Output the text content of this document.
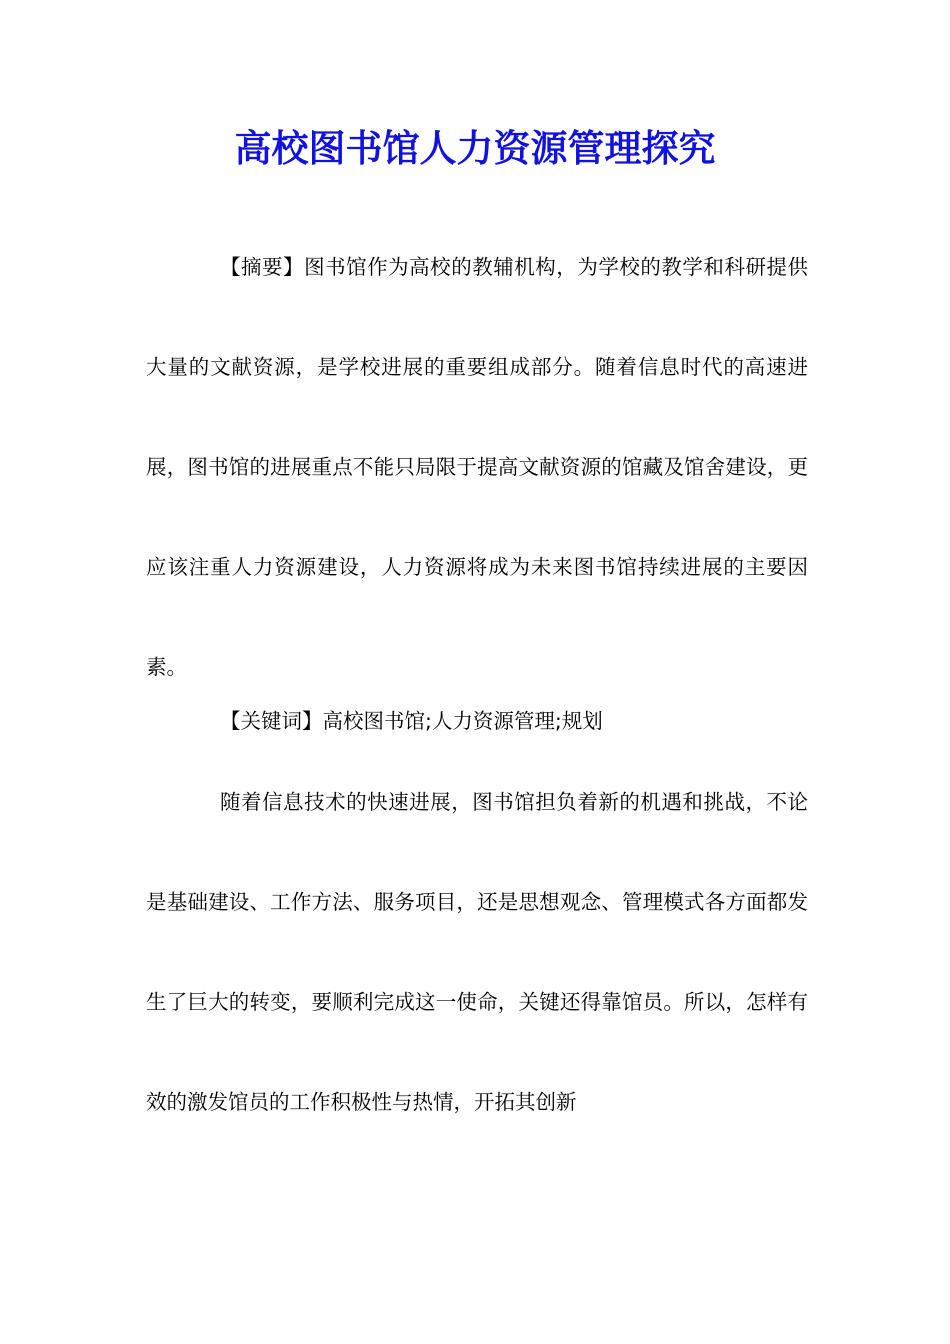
高校图书馆人力资源管理探究

【摘要】图书馆作为高校的教辅机构，为学校的教学和科研提供大量的文献资源，是学校进展的重要组成部分。随着信息时代的高速进展，图书馆的进展重点不能只局限于提高文献资源的馆藏及馆舍建设，更应该注重人力资源建设，人力资源将成为未来图书馆持续进展的主要因素。

【关键词】高校图书馆;人力资源管理;规划

随着信息技术的快速进展，图书馆担负着新的机遇和挑战，不论是基础建设、工作方法、服务项目，还是思想观念、管理模式各方面都发生了巨大的转变，要顺利完成这一使命，关键还得靠馆员。所以，怎样有效的激发馆员的工作积极性与热情，开拓其创新
